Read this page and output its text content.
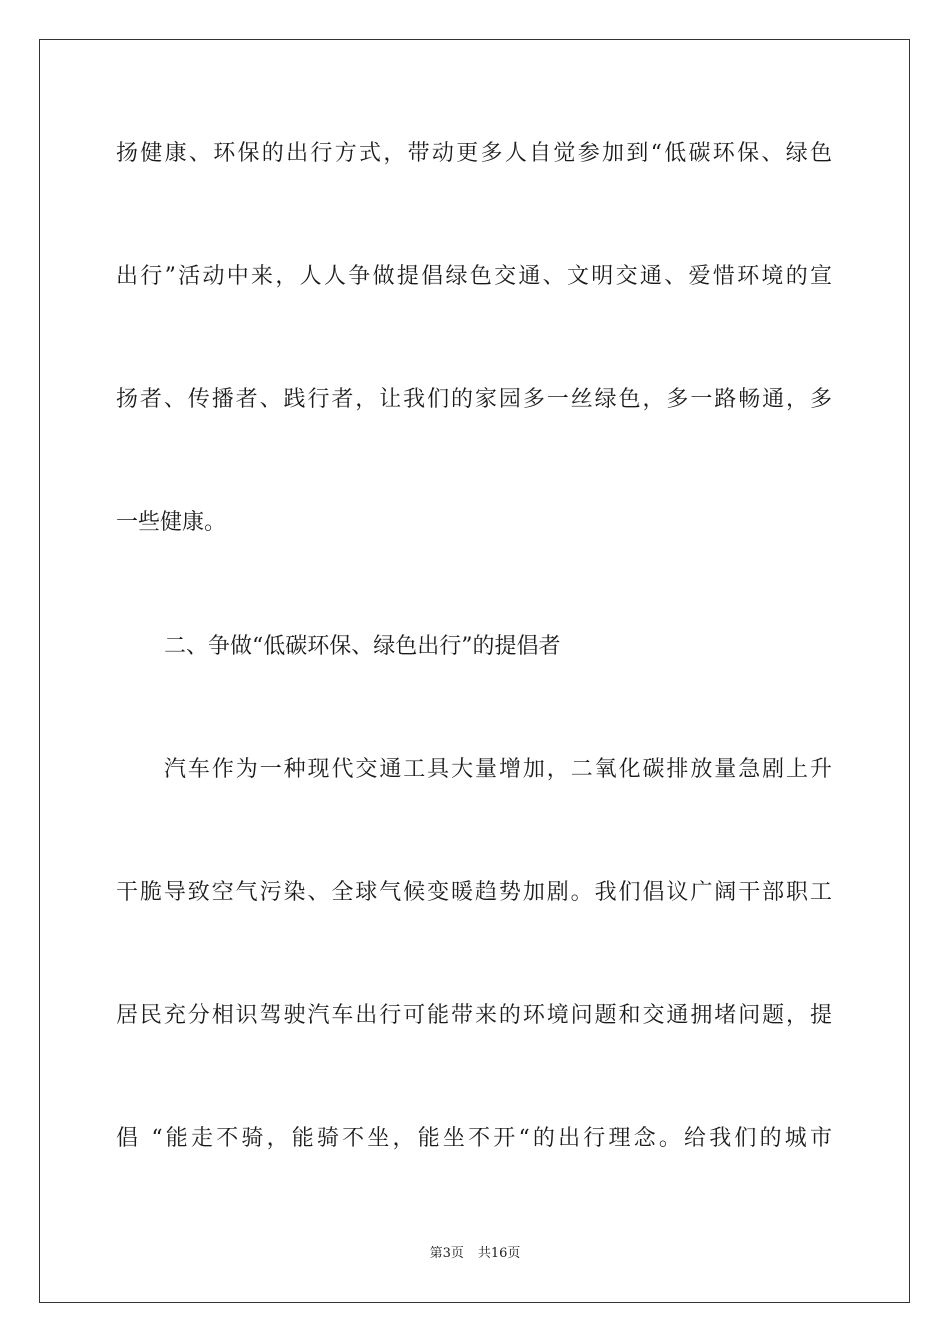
扬健康、环保的出行方式，带动更多人自觉参加到“低碳环保、绿色
出行”活动中来，人人争做提倡绿色交通、文明交通、爱惜环境的宣
扬者、传播者、践行者，让我们的家园多一丝绿色，多一路畅通，多
一些健康。
二、争做“低碳环保、绿色出行”的提倡者
汽车作为一种现代交通工具大量增加，二氧化碳排放量急剧上升
干脆导致空气污染、全球气候变暖趋势加剧。我们倡议广阔干部职工
居民充分相识驾驶汽车出行可能带来的环境问题和交通拥堵问题，提
倡 “能走不骑，能骑不坐，能坐不开“的出行理念。给我们的城市
第3页 共16页
